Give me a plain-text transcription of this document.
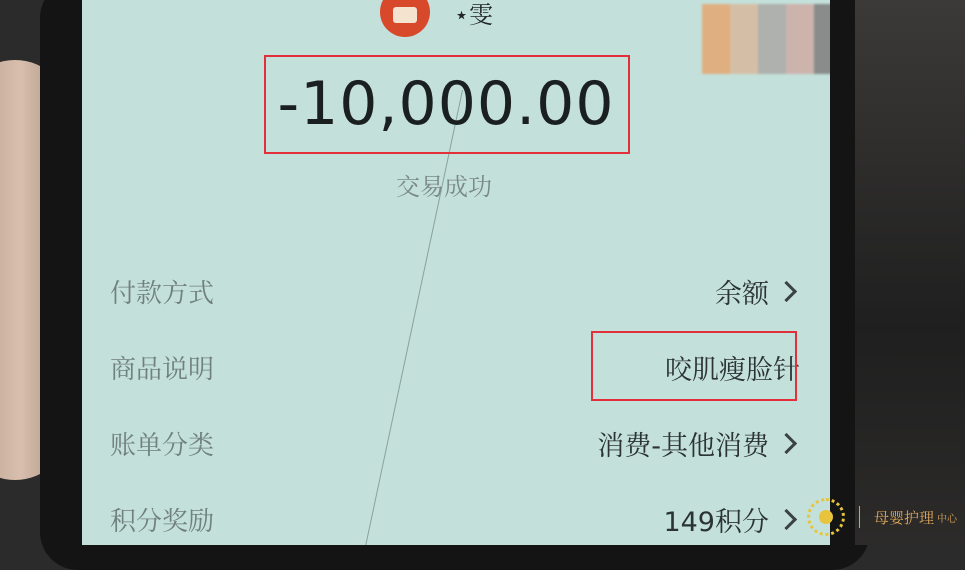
⋆雯
-10,000.00
交易成功
付款方式	余额
商品说明	咬肌瘦脸针
账单分类	消费-其他消费
积分奖励	149积分	母婴护理 中心
